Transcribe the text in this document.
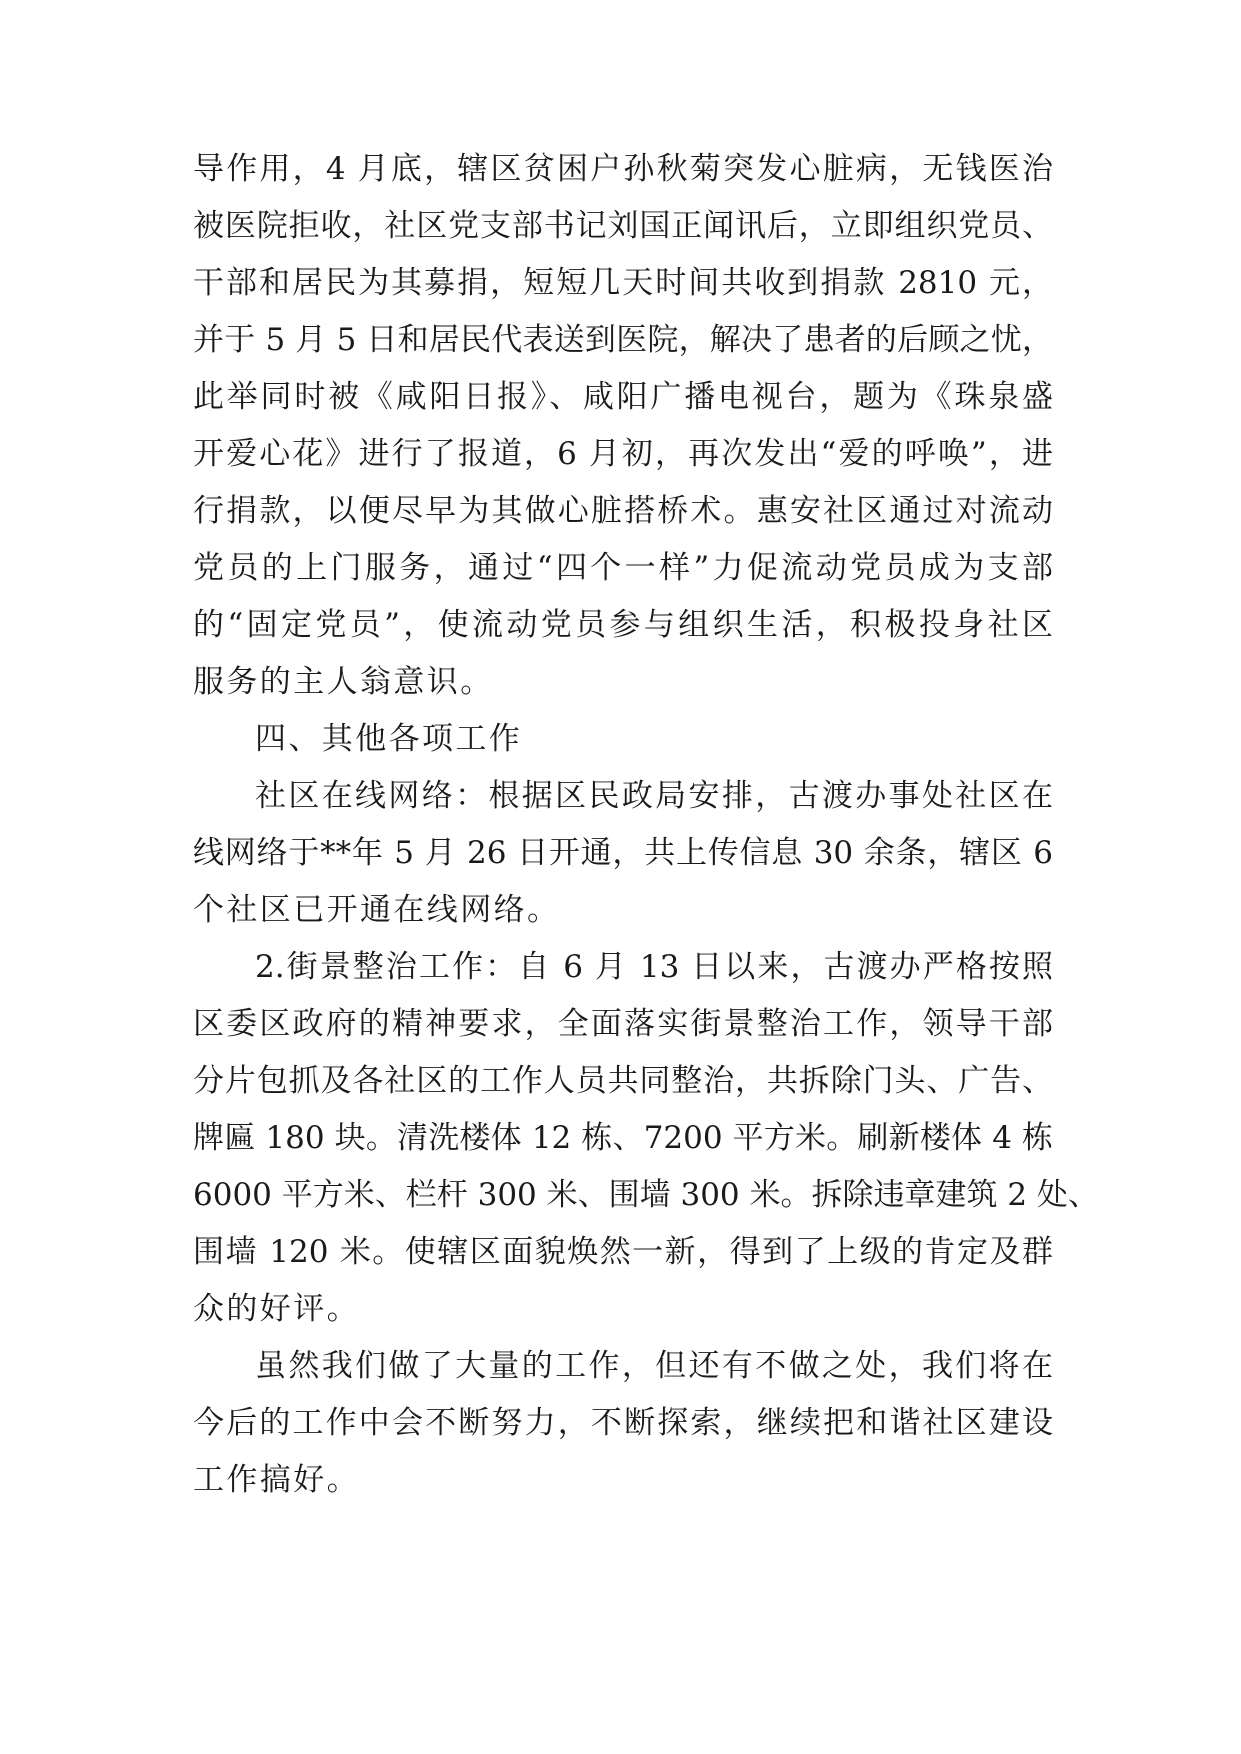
导作用，4 月底，辖区贫困户孙秋菊突发心脏病，无钱医治
被医院拒收，社区党支部书记刘国正闻讯后，立即组织党员、
干部和居民为其募捐，短短几天时间共收到捐款 2810 元，
并于 5 月 5 日和居民代表送到医院，解决了患者的后顾之忧，
此举同时被《咸阳日报》、咸阳广播电视台，题为《珠泉盛
开爱心花》进行了报道，6 月初，再次发出“爱的呼唤”，进
行捐款，以便尽早为其做心脏搭桥术。惠安社区通过对流动
党员的上门服务，通过“四个一样”力促流动党员成为支部
的“固定党员”，使流动党员参与组织生活，积极投身社区
服务的主人翁意识。
四、其他各项工作
社区在线网络：根据区民政局安排，古渡办事处社区在
线网络于**年 5 月 26 日开通，共上传信息 30 余条，辖区 6
个社区已开通在线网络。
2.街景整治工作：自 6 月 13 日以来，古渡办严格按照
区委区政府的精神要求，全面落实街景整治工作，领导干部
分片包抓及各社区的工作人员共同整治，共拆除门头、广告、
牌匾 180 块。清洗楼体 12 栋、7200 平方米。刷新楼体 4 栋
6000 平方米、栏杆 300 米、围墙 300 米。拆除违章建筑 2 处、
围墙 120 米。使辖区面貌焕然一新，得到了上级的肯定及群
众的好评。
虽然我们做了大量的工作，但还有不做之处，我们将在
今后的工作中会不断努力，不断探索，继续把和谐社区建设
工作搞好。
